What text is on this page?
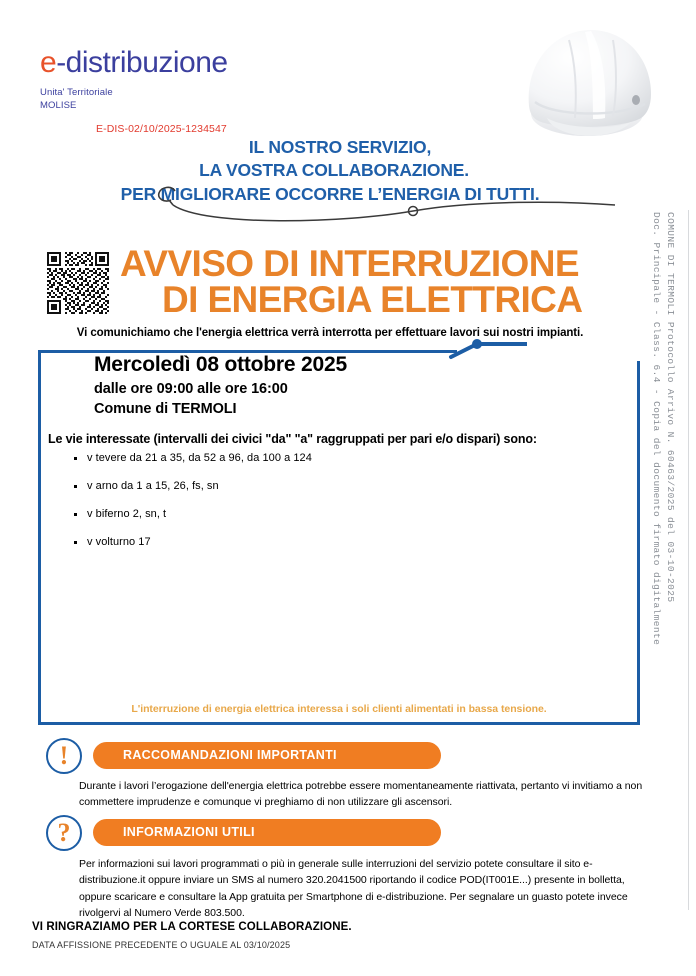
e-distribuzione
Unita' Territoriale
MOLISE
E-DIS-02/10/2025-1234547
IL NOSTRO SERVIZIO,
LA VOSTRA COLLABORAZIONE.
PER MIGLIORARE OCCORRE L’ENERGIA DI TUTTI.
AVVISO DI INTERRUZIONE
DI ENERGIA ELETTRICA
Vi comunichiamo che l'energia elettrica verrà interrotta per effettuare lavori sui nostri impianti.
Mercoledì 08 ottobre 2025
dalle ore 09:00 alle ore 16:00
Comune di TERMOLI
Le vie interessate (intervalli dei civici "da" "a" raggruppati per pari e/o dispari) sono:
v tevere da 21 a 35, da 52 a 96, da 100 a 124
v arno da 1 a 15, 26, fs, sn
v biferno 2, sn, t
v volturno 17
L'interruzione di energia elettrica interessa i soli clienti alimentati in bassa tensione.
!	RACCOMANDAZIONI IMPORTANTI
Durante i lavori l’erogazione dell'energia elettrica potrebbe essere momentaneamente riattivata, pertanto vi invitiamo a non commettere imprudenze e comunque vi preghiamo di non utilizzare gli ascensori.
?	INFORMAZIONI UTILI
Per informazioni sui lavori programmati o più in generale sulle interruzioni del servizio potete consultare il sito e-distribuzione.it oppure inviare un SMS al numero 320.2041500 riportando il codice POD(IT001E...) presente in bolletta, oppure scaricare e consultare la App gratuita per Smartphone di e-distribuzione. Per segnalare un guasto potete invece rivolgervi al Numero Verde 803.500.
VI RINGRAZIAMO PER LA CORTESE COLLABORAZIONE.
DATA AFFISSIONE PRECEDENTE O UGUALE AL 03/10/2025
COMUNE DI TERMOLI Protocollo Arrivo N. 60463/2025 del 03-10-2025
Doc. Principale - Class. 6.4 - Copia del documento firmato digitalmente
